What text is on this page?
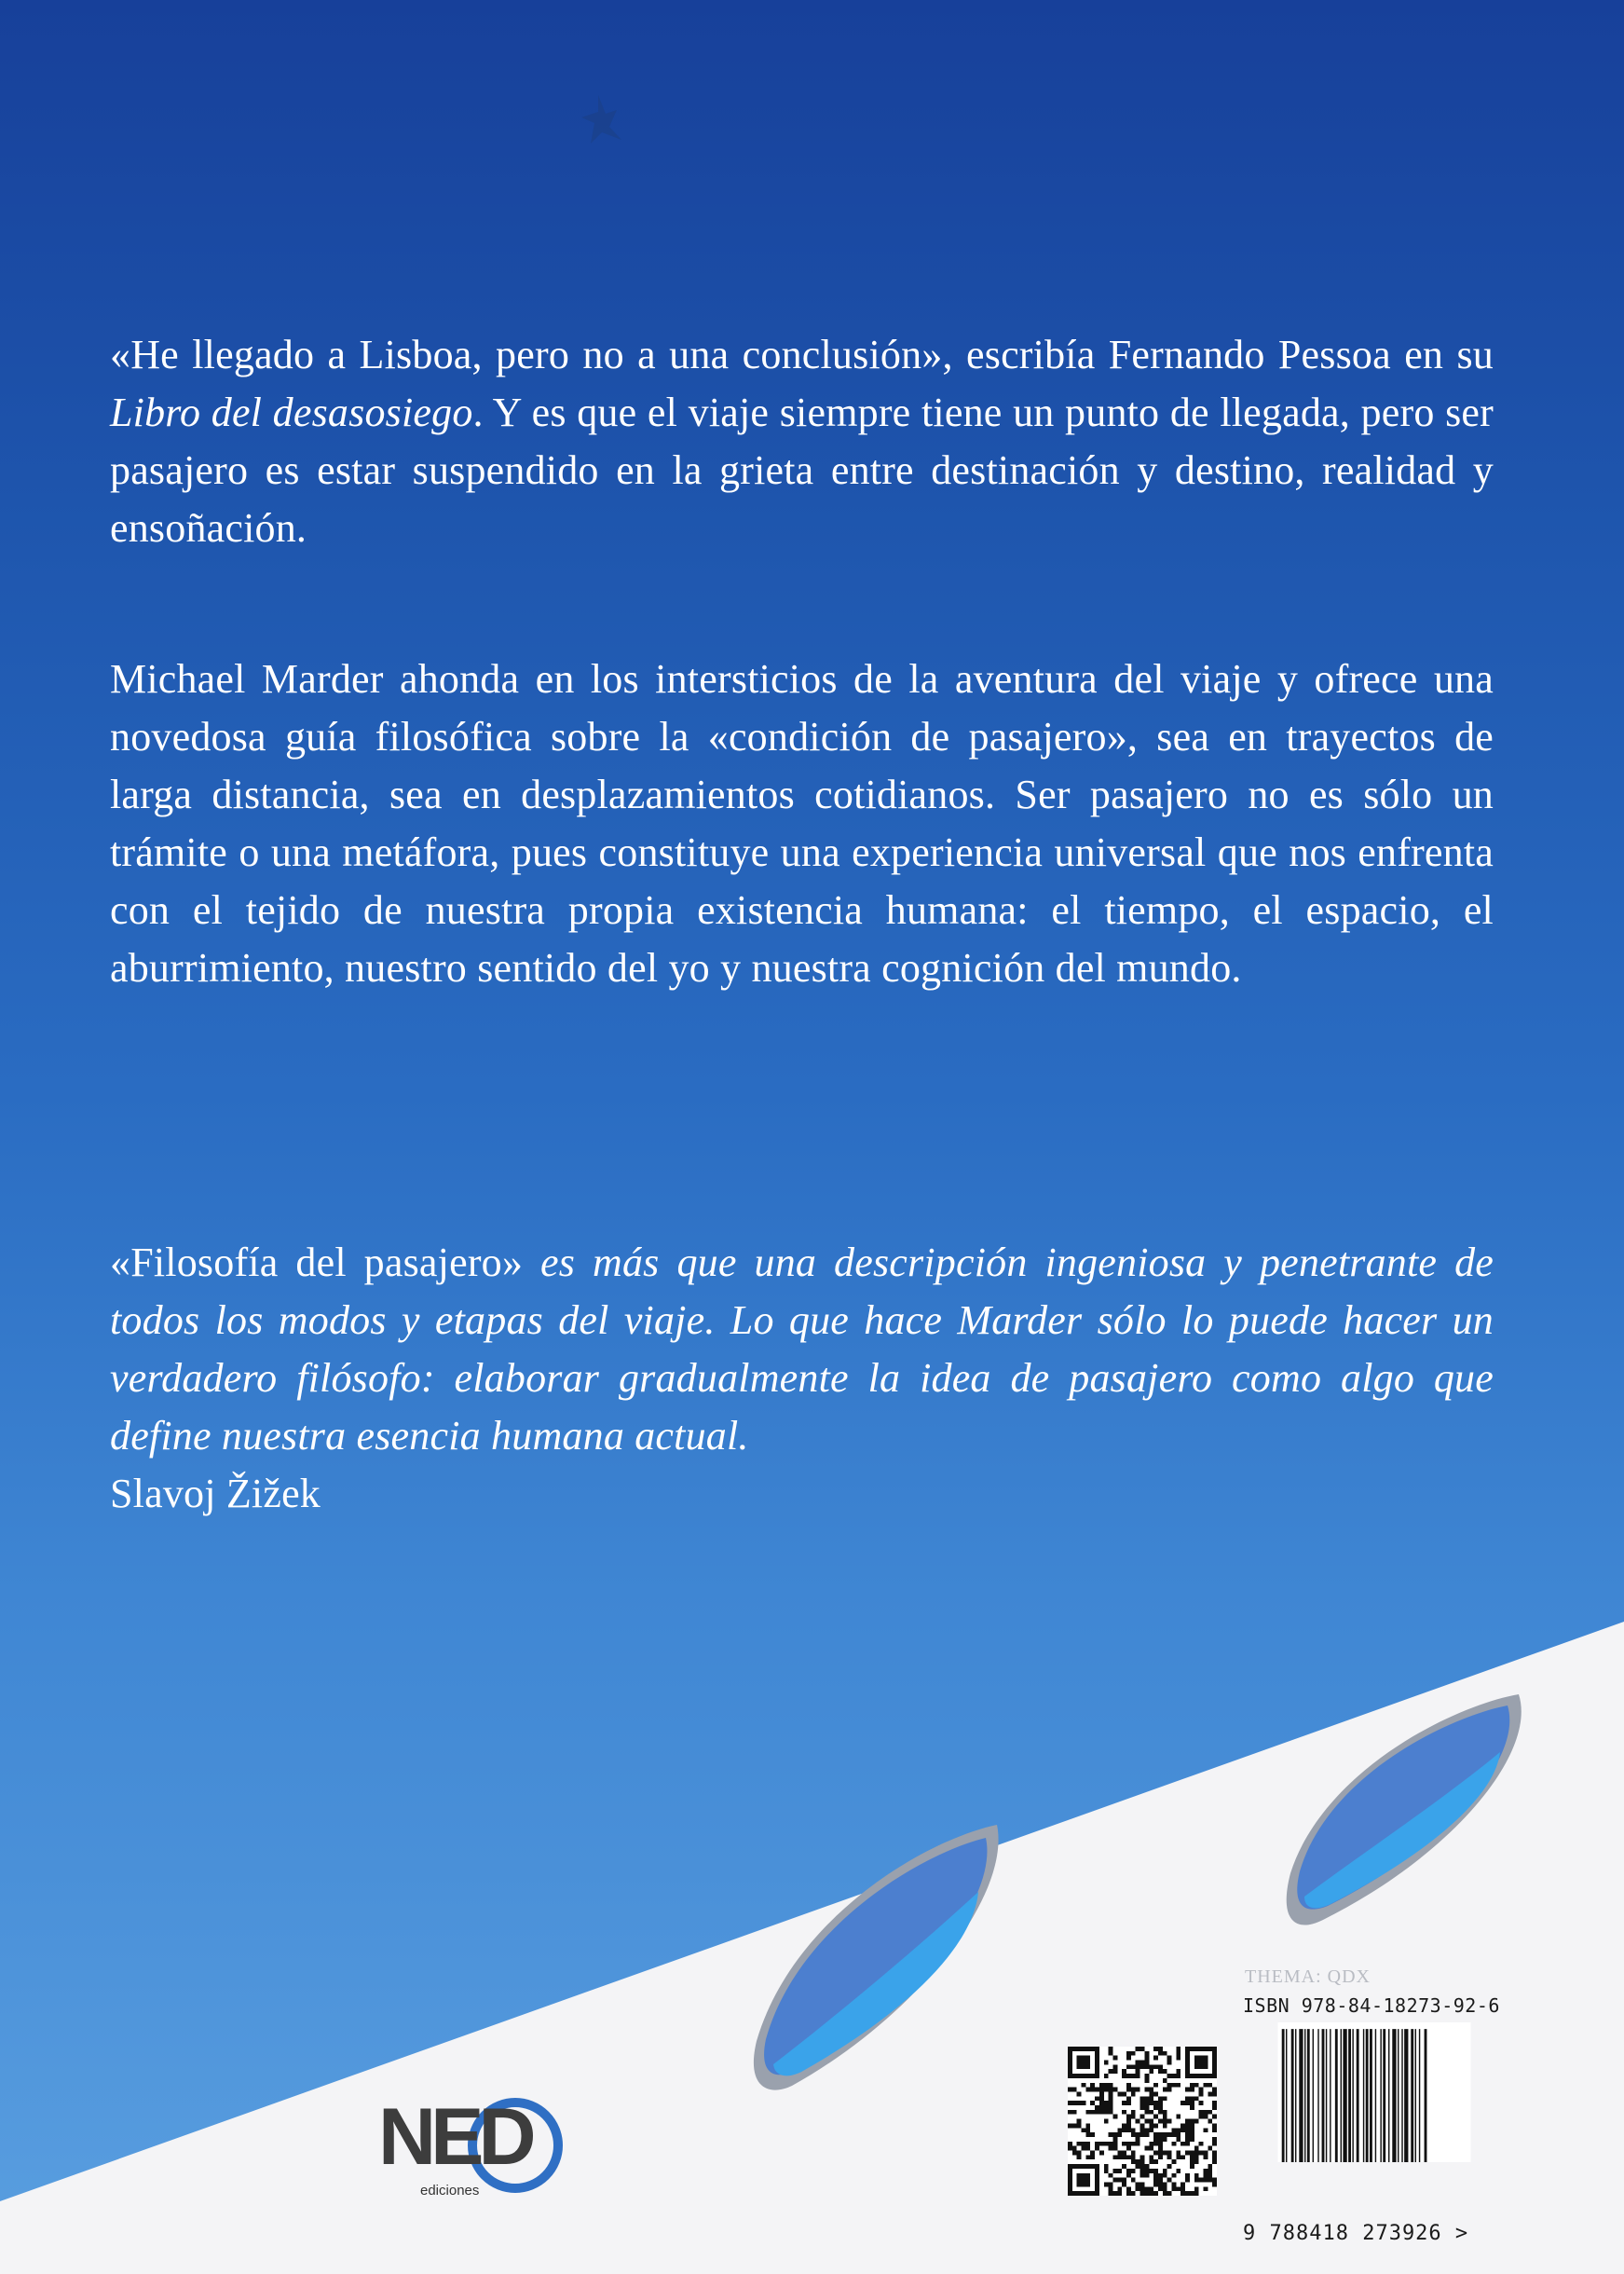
«He llegado a Lisboa, pero no a una conclusión», escribía Fernando Pessoa en su Libro del desasosiego. Y es que el viaje siempre tiene un punto de llegada, pero ser pasajero es estar suspendido en la grieta entre destinación y destino, realidad y ensoñación.
Michael Marder ahonda en los intersticios de la aventura del viaje y ofrece una novedosa guía filosófica sobre la «condición de pasajero», sea en trayectos de larga distancia, sea en desplazamientos cotidianos. Ser pasajero no es sólo un trámite o una metáfora, pues constituye una experiencia universal que nos enfrenta con el tejido de nuestra propia existencia humana: el tiempo, el espacio, el aburrimiento, nuestro sentido del yo y nuestra cognición del mundo.
«Filosofía del pasajero» es más que una descripción ingeniosa y penetrante de todos los modos y etapas del viaje. Lo que hace Marder sólo lo puede hacer un verdadero filósofo: elaborar gradualmente la idea de pasajero como algo que define nuestra esencia humana actual.
Slavoj Žižek
NED
ediciones
THEMA: QDX
ISBN 978-84-18273-92-6
9 788418 273926 >
